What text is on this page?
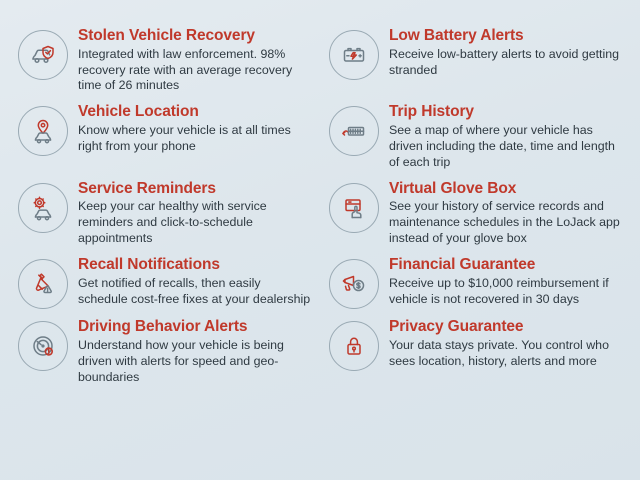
Stolen Vehicle Recovery

Integrated with law enforcement. 98% recovery rate with an average recovery time of 26 minutes

Low Battery Alerts

Receive low-battery alerts to avoid getting stranded

Vehicle Location

Know where your vehicle is at all times right from your phone

Trip History

See a map of where your vehicle has driven including the date, time and length of each trip

Service Reminders

Keep your car healthy with service reminders and click-to-schedule appointments

Virtual Glove Box

See your history of service records and maintenance schedules in the LoJack app instead of your glove box

Recall Notifications

Get notified of recalls, then easily schedule cost-free fixes at your dealership

Financial Guarantee

Receive up to $10,000 reimbursement if vehicle is not recovered in 30 days

Driving Behavior Alerts

Understand how your vehicle is being driven with alerts for speed and geo-boundaries

Privacy Guarantee

Your data stays private. You control who sees location, history, alerts and more
